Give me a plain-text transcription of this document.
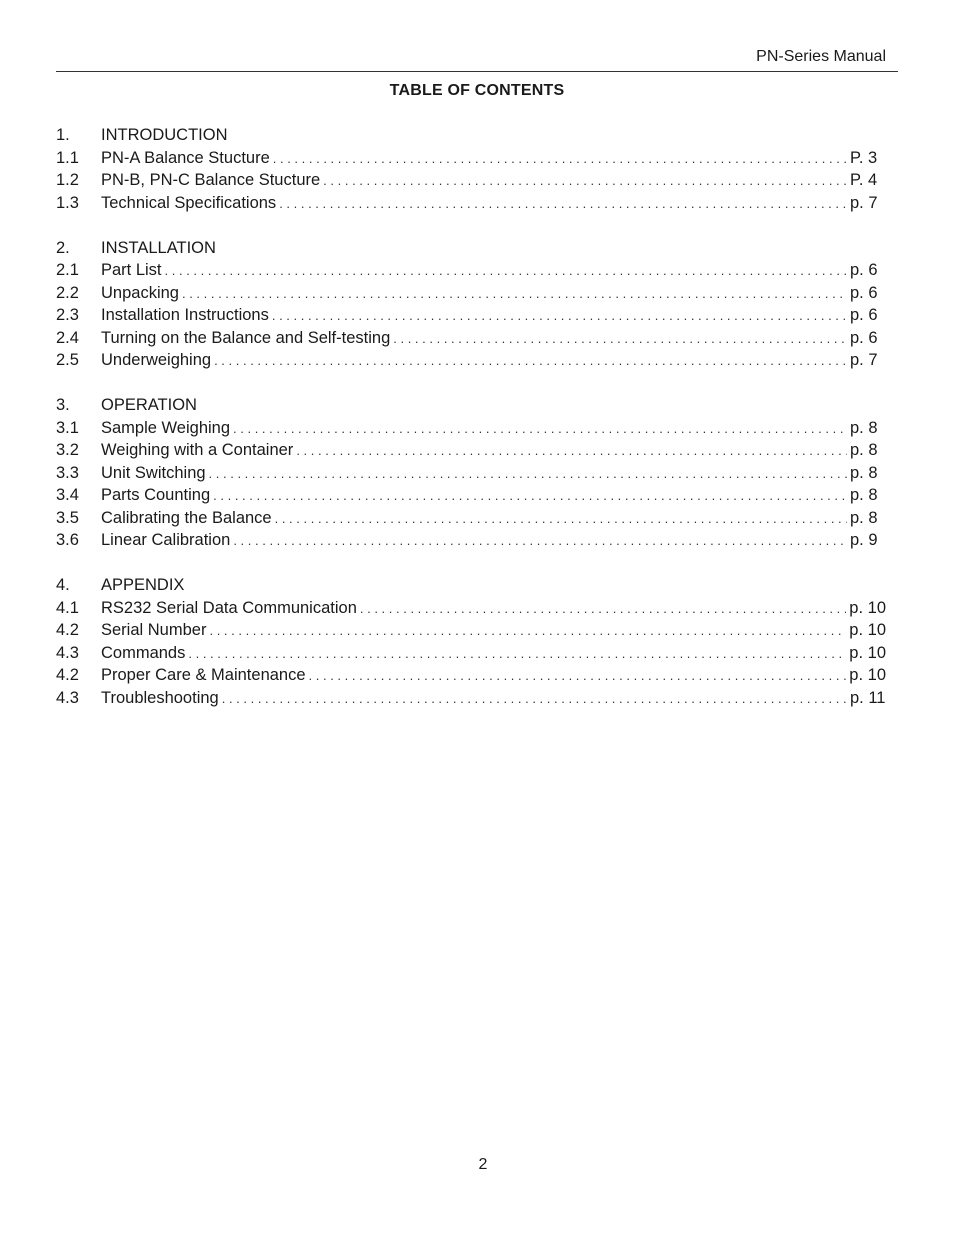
PN-Series Manual
TABLE OF CONTENTS
1.	INTRODUCTION
1.1	PN-A Balance Stucture . . .	P. 3
1.2	PN-B, PN-C Balance Stucture . . .	P. 4
1.3	Technical Specifications . . .	p. 7
2.	INSTALLATION
2.1	Part List . . .	p. 6
2.2	Unpacking . . .	p. 6
2.3	Installation Instructions . . .	p. 6
2.4	Turning on the Balance and Self-testing . . .	p. 6
2.5	Underweighing . . .	p. 7
3.	OPERATION
3.1	Sample Weighing . . .	p. 8
3.2	Weighing with a Container . . .	p. 8
3.3	Unit Switching . . .	p. 8
3.4	Parts Counting . . .	p. 8
3.5	Calibrating the Balance . . .	p. 8
3.6	Linear Calibration . . .	p. 9
4.	APPENDIX
4.1	RS232 Serial Data Communication . . .	p. 10
4.2	Serial Number . . .	p. 10
4.3	Commands . . .	p. 10
4.2	Proper Care & Maintenance . . .	p. 10
4.3	Troubleshooting . . .	p. 11
2
